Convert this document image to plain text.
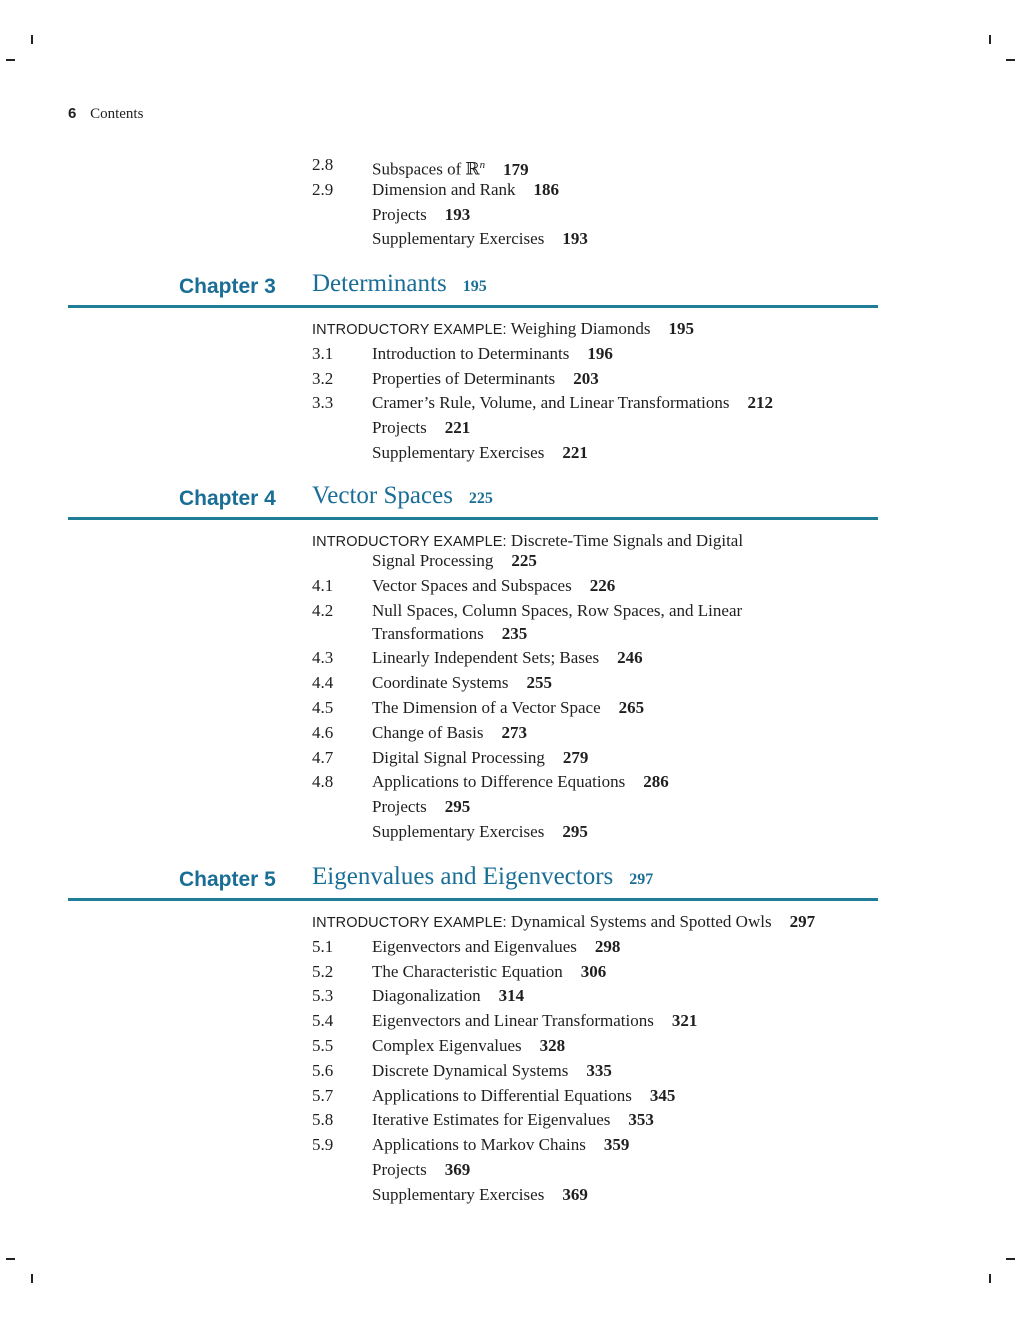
6 Contents
2.8 Subspaces of ℝ$^n$ 179
2.9 Dimension and Rank 186
Projects 193
Supplementary Exercises 193
Chapter 3 Determinants 195
INTRODUCTORY EXAMPLE: Weighing Diamonds 195
3.1 Introduction to Determinants 196
3.2 Properties of Determinants 203
3.3 Cramer’s Rule, Volume, and Linear Transformations 212
Projects 221
Supplementary Exercises 221
Chapter 4 Vector Spaces 225
INTRODUCTORY EXAMPLE: Discrete-Time Signals and Digital
Signal Processing 225
4.1 Vector Spaces and Subspaces 226
4.2 Null Spaces, Column Spaces, Row Spaces, and Linear
Transformations 235
4.3 Linearly Independent Sets; Bases 246
4.4 Coordinate Systems 255
4.5 The Dimension of a Vector Space 265
4.6 Change of Basis 273
4.7 Digital Signal Processing 279
4.8 Applications to Difference Equations 286
Projects 295
Supplementary Exercises 295
Chapter 5 Eigenvalues and Eigenvectors 297
INTRODUCTORY EXAMPLE: Dynamical Systems and Spotted Owls 297
5.1 Eigenvectors and Eigenvalues 298
5.2 The Characteristic Equation 306
5.3 Diagonalization 314
5.4 Eigenvectors and Linear Transformations 321
5.5 Complex Eigenvalues 328
5.6 Discrete Dynamical Systems 335
5.7 Applications to Differential Equations 345
5.8 Iterative Estimates for Eigenvalues 353
5.9 Applications to Markov Chains 359
Projects 369
Supplementary Exercises 369
